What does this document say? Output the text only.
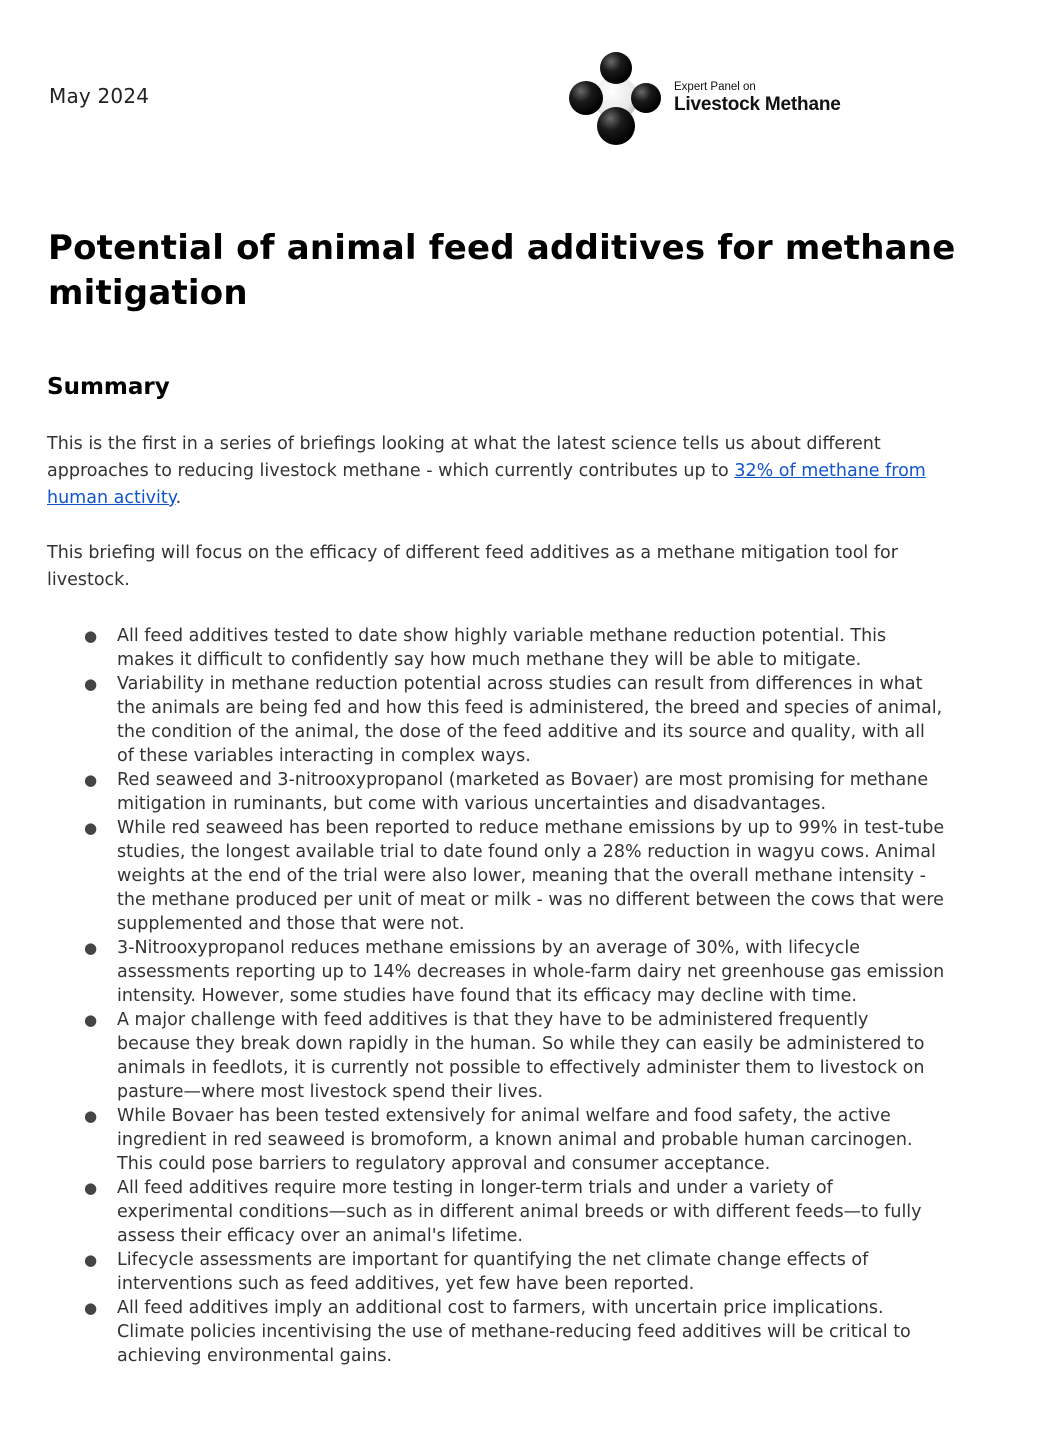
May 2024	Expert Panel on
Livestock Methane
Potential of animal feed additives for methane mitigation
Summary

This is the first in a series of briefings looking at what the latest science tells us about different approaches to reducing livestock methane - which currently contributes up to 32% of methane from human activity.

This briefing will focus on the efficacy of different feed additives as a methane mitigation tool for livestock.

● All feed additives tested to date show highly variable methane reduction potential. This makes it difficult to confidently say how much methane they will be able to mitigate.
● Variability in methane reduction potential across studies can result from differences in what the animals are being fed and how this feed is administered, the breed and species of animal, the condition of the animal, the dose of the feed additive and its source and quality, with all of these variables interacting in complex ways.
● Red seaweed and 3-nitrooxypropanol (marketed as Bovaer) are most promising for methane mitigation in ruminants, but come with various uncertainties and disadvantages.
● While red seaweed has been reported to reduce methane emissions by up to 99% in test-tube studies, the longest available trial to date found only a 28% reduction in wagyu cows. Animal weights at the end of the trial were also lower, meaning that the overall methane intensity - the methane produced per unit of meat or milk - was no different between the cows that were supplemented and those that were not.
● 3-Nitrooxypropanol reduces methane emissions by an average of 30%, with lifecycle assessments reporting up to 14% decreases in whole-farm dairy net greenhouse gas emission intensity. However, some studies have found that its efficacy may decline with time.
● A major challenge with feed additives is that they have to be administered frequently because they break down rapidly in the human. So while they can easily be administered to animals in feedlots, it is currently not possible to effectively administer them to livestock on pasture—where most livestock spend their lives.
● While Bovaer has been tested extensively for animal welfare and food safety, the active ingredient in red seaweed is bromoform, a known animal and probable human carcinogen. This could pose barriers to regulatory approval and consumer acceptance.
● All feed additives require more testing in longer-term trials and under a variety of experimental conditions—such as in different animal breeds or with different feeds—to fully assess their efficacy over an animal's lifetime.
● Lifecycle assessments are important for quantifying the net climate change effects of interventions such as feed additives, yet few have been reported.
● All feed additives imply an additional cost to farmers, with uncertain price implications. Climate policies incentivising the use of methane-reducing feed additives will be critical to achieving environmental gains.
